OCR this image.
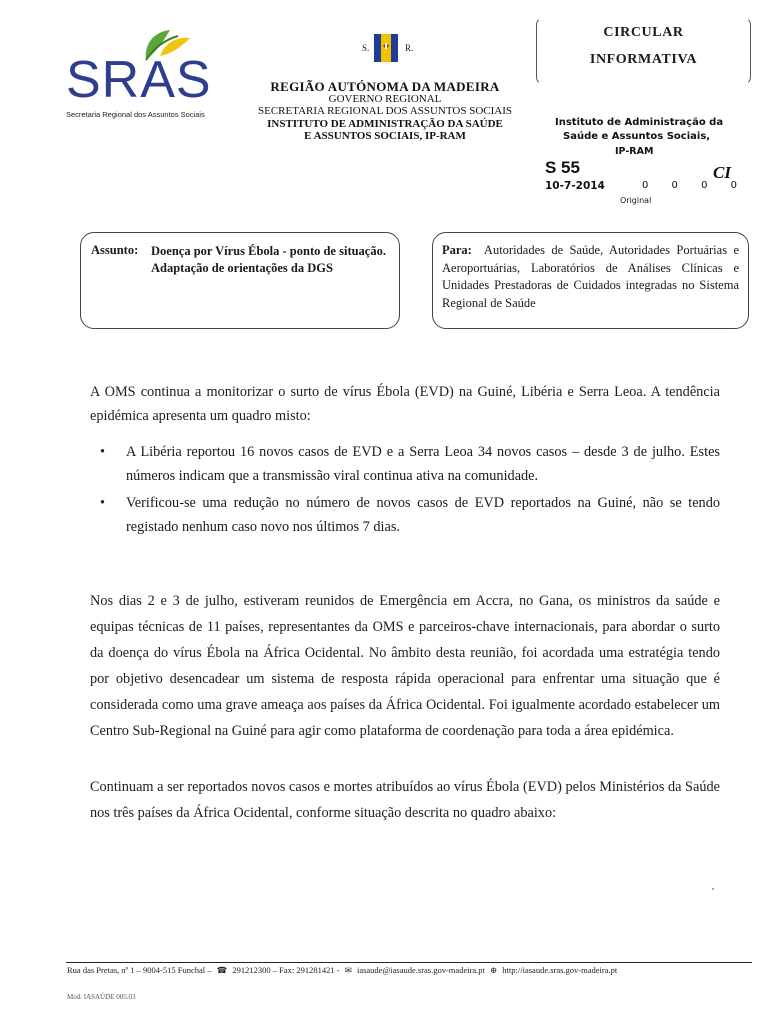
SRAS
Secretaria Regional dos Assuntos Sociais
S.	R.
REGIÃO AUTÓNOMA DA MADEIRA
GOVERNO REGIONAL
SECRETARIA REGIONAL DOS ASSUNTOS SOCIAIS
INSTITUTO DE ADMINISTRAÇÃO DA SAÚDE
E ASSUNTOS SOCIAIS, IP-RAM
CIRCULAR
INFORMATIVA
Instituto de Administração da
Saúde e Assuntos Sociais,
IP-RAM
S 55	CI
10-7-2014	0 0 0 0
Original
Assunto: Doença por Vírus Ébola - ponto de situação. Adaptação de orientações da DGS
Para: Autoridades de Saúde, Autoridades Portuárias e Aeroportuárias, Laboratórios de Análises Clínicas e Unidades Prestadoras de Cuidados integradas no Sistema Regional de Saúde
A OMS continua a monitorizar o surto de vírus Ébola (EVD) na Guiné, Libéria e Serra Leoa. A tendência epidémica apresenta um quadro misto:
• A Libéria reportou 16 novos casos de EVD e a Serra Leoa 34 novos casos – desde 3 de julho. Estes números indicam que a transmissão viral continua ativa na comunidade.
• Verificou-se uma redução no número de novos casos de EVD reportados na Guiné, não se tendo registado nenhum caso novo nos últimos 7 dias.
Nos dias 2 e 3 de julho, estiveram reunidos de Emergência em Accra, no Gana, os ministros da saúde e equipas técnicas de 11 países, representantes da OMS e parceiros-chave internacionais, para abordar o surto da doença do vírus Ébola na África Ocidental. No âmbito desta reunião, foi acordada uma estratégia tendo por objetivo desencadear um sistema de resposta rápida operacional para enfrentar uma situação que é considerada como uma grave ameaça aos países da África Ocidental. Foi igualmente acordado estabelecer um Centro Sub-Regional na Guiné para agir como plataforma de coordenação para toda a área epidémica.
Continuam a ser reportados novos casos e mortes atribuídos ao vírus Ébola (EVD) pelos Ministérios da Saúde nos três países da África Ocidental, conforme situação descrita no quadro abaixo:
Rua das Pretas, nº 1 – 9004-515 Funchal – ☎ 291212300 – Fax: 291281421 - ✉ iasaude@iasaude.sras.gov-madeira.pt ⊕ http://iasaude.sras.gov-madeira.pt
Mod. IASAÚDE 005.03
